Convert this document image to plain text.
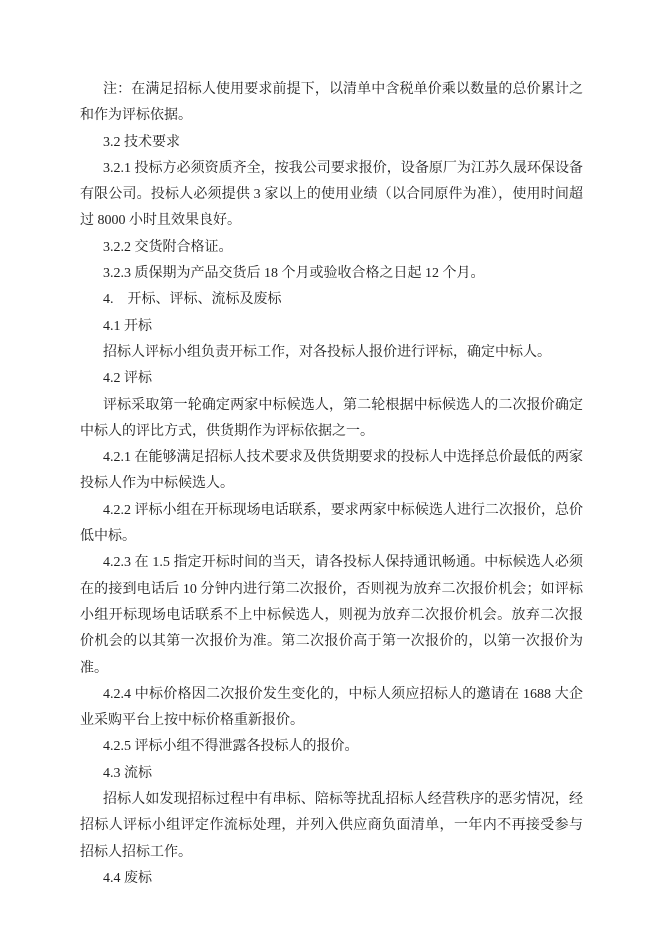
注：在满足招标人使用要求前提下，以清单中含税单价乘以数量的总价累计之和作为评标依据。

3.2 技术要求

3.2.1 投标方必须资质齐全，按我公司要求报价，设备原厂为江苏久晟环保设备有限公司。投标人必须提供 3 家以上的使用业绩（以合同原件为准），使用时间超过 8000 小时且效果良好。

3.2.2 交货附合格证。

3.2.3 质保期为产品交货后 18 个月或验收合格之日起 12 个月。

4.　开标、评标、流标及废标

4.1 开标

招标人评标小组负责开标工作，对各投标人报价进行评标，确定中标人。

4.2 评标

评标采取第一轮确定两家中标候选人，第二轮根据中标候选人的二次报价确定中标人的评比方式，供货期作为评标依据之一。

4.2.1 在能够满足招标人技术要求及供货期要求的投标人中选择总价最低的两家投标人作为中标候选人。

4.2.2 评标小组在开标现场电话联系，要求两家中标候选人进行二次报价，总价低中标。

4.2.3 在 1.5 指定开标时间的当天，请各投标人保持通讯畅通。中标候选人必须在的接到电话后 10 分钟内进行第二次报价，否则视为放弃二次报价机会；如评标小组开标现场电话联系不上中标候选人，则视为放弃二次报价机会。放弃二次报价机会的以其第一次报价为准。第二次报价高于第一次报价的，以第一次报价为准。

4.2.4 中标价格因二次报价发生变化的，中标人须应招标人的邀请在 1688 大企业采购平台上按中标价格重新报价。

4.2.5 评标小组不得泄露各投标人的报价。

4.3 流标

招标人如发现招标过程中有串标、陪标等扰乱招标人经营秩序的恶劣情况，经招标人评标小组评定作流标处理，并列入供应商负面清单，一年内不再接受参与招标人招标工作。

4.4 废标
